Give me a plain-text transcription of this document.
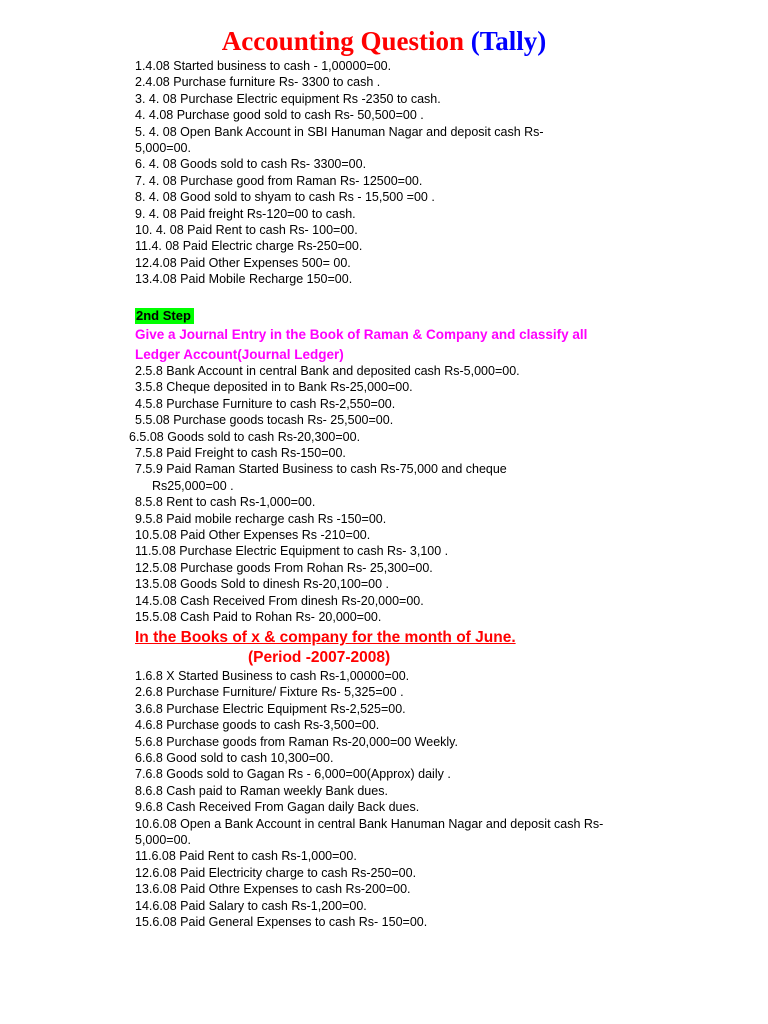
Accounting Question (Tally)

1.4.08 Started business to cash - 1,00000=00.

2.4.08 Purchase furniture Rs- 3300 to cash .

3. 4. 08 Purchase Electric equipment Rs -2350 to cash.

4. 4.08 Purchase good sold to cash Rs- 50,500=00 .

5. 4. 08 Open Bank Account in SBI Hanuman Nagar and deposit cash Rs-

5,000=00.

6. 4. 08 Goods sold to cash Rs- 3300=00.

7. 4. 08 Purchase good from Raman Rs- 12500=00.

8. 4. 08 Good sold to shyam to cash Rs - 15,500 =00 .

9. 4. 08 Paid freight Rs-120=00 to cash.

10. 4. 08 Paid Rent to cash Rs- 100=00.

11.4. 08 Paid Electric charge Rs-250=00.

12.4.08 Paid Other Expenses 500= 00.

13.4.08 Paid Mobile Recharge 150=00.

2nd Step
Give a Journal Entry in the Book of Raman & Company and classify all
Ledger Account(Journal Ledger)

2.5.8 Bank Account in central Bank and deposited cash Rs-5,000=00.

3.5.8 Cheque deposited in to Bank Rs-25,000=00.

4.5.8 Purchase Furniture to cash Rs-2,550=00.

5.5.08 Purchase goods tocash Rs- 25,500=00.

6.5.08 Goods sold to cash Rs-20,300=00.

7.5.8 Paid Freight to cash Rs-150=00.

7.5.9 Paid Raman Started Business to cash Rs-75,000 and cheque

Rs25,000=00 .

8.5.8 Rent to cash Rs-1,000=00.

9.5.8 Paid mobile recharge cash Rs -150=00.

10.5.08 Paid Other Expenses Rs -210=00.

11.5.08 Purchase Electric Equipment to cash Rs- 3,100 .

12.5.08 Purchase goods From Rohan Rs- 25,300=00.

13.5.08 Goods Sold to dinesh Rs-20,100=00 .

14.5.08 Cash Received From dinesh Rs-20,000=00.

15.5.08 Cash Paid to Rohan Rs- 20,000=00.

In the Books of x & company for the month of June.
(Period -2007-2008)

1.6.8 X Started Business to cash Rs-1,00000=00.

2.6.8 Purchase Furniture/ Fixture Rs- 5,325=00 .

3.6.8 Purchase Electric Equipment Rs-2,525=00.

4.6.8 Purchase goods to cash Rs-3,500=00.

5.6.8 Purchase goods from Raman Rs-20,000=00 Weekly.

6.6.8 Good sold to cash 10,300=00.

7.6.8 Goods sold to Gagan Rs - 6,000=00(Approx) daily .

8.6.8 Cash paid to Raman weekly Bank dues.

9.6.8 Cash Received From Gagan daily Back dues.

10.6.08 Open a Bank Account in central Bank Hanuman Nagar and deposit cash Rs-

5,000=00.

11.6.08 Paid Rent to cash Rs-1,000=00.

12.6.08 Paid Electricity charge to cash Rs-250=00.

13.6.08 Paid Othre Expenses to cash Rs-200=00.

14.6.08 Paid Salary to cash Rs-1,200=00.

15.6.08 Paid General Expenses to cash Rs- 150=00.
